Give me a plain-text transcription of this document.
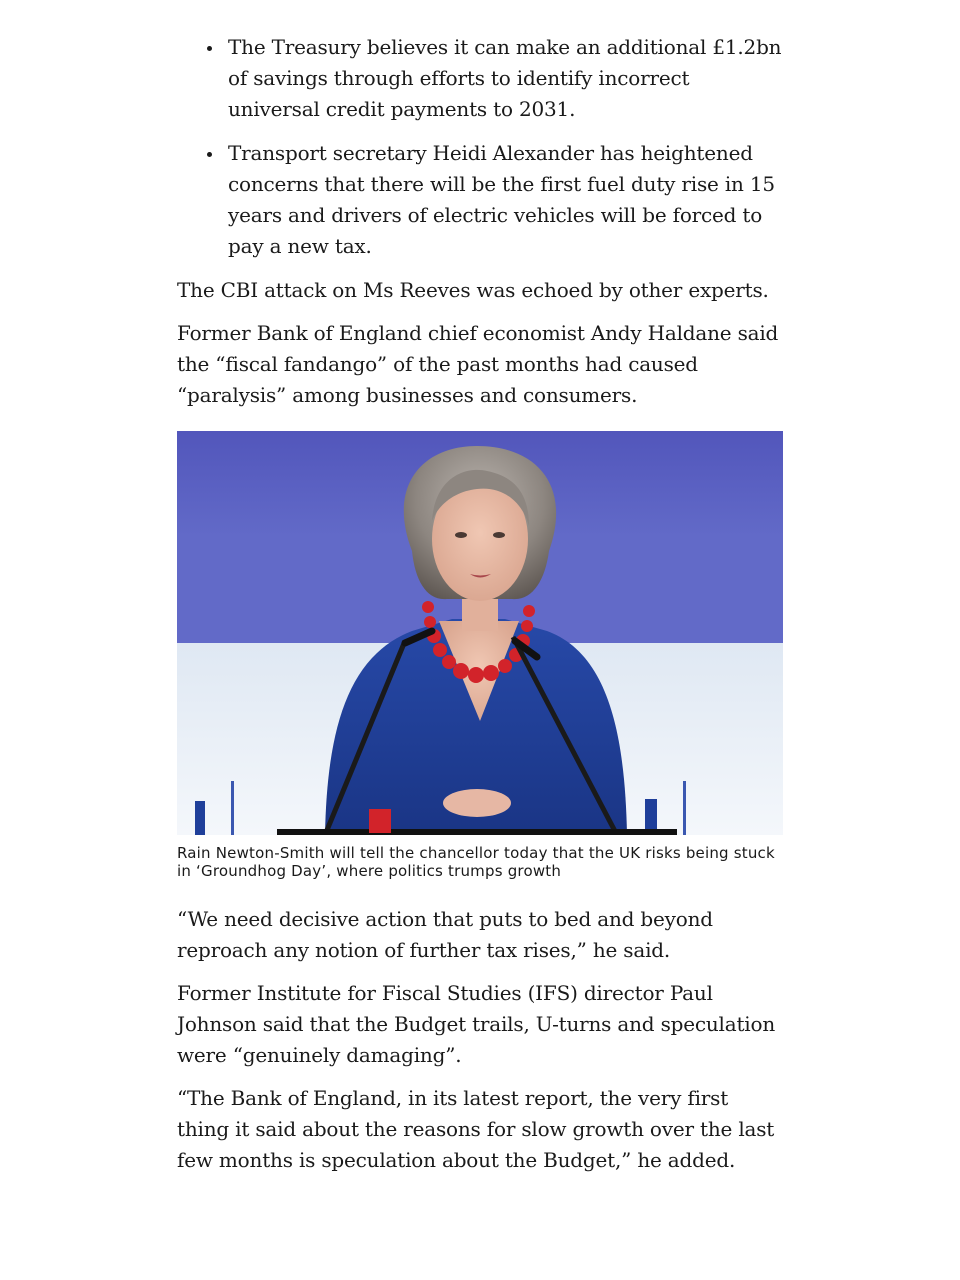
The Treasury believes it can make an additional £1.2bn of savings through efforts to identify incorrect universal credit payments to 2031.
Transport secretary Heidi Alexander has heightened concerns that there will be the first fuel duty rise in 15 years and drivers of electric vehicles will be forced to pay a new tax.

The CBI attack on Ms Reeves was echoed by other experts.

Former Bank of England chief economist Andy Haldane said the “fiscal fandango” of the past months had caused “paralysis” among businesses and consumers.

Rain Newton-Smith will tell the chancellor today that the UK risks being stuck in ‘Groundhog Day’, where politics trumps growth

“We need decisive action that puts to bed and beyond reproach any notion of further tax rises,” he said.

Former Institute for Fiscal Studies (IFS) director Paul Johnson said that the Budget trails, U-turns and speculation were “genuinely damaging”.

“The Bank of England, in its latest report, the very first thing it said about the reasons for slow growth over the last few months is speculation about the Budget,” he added.
